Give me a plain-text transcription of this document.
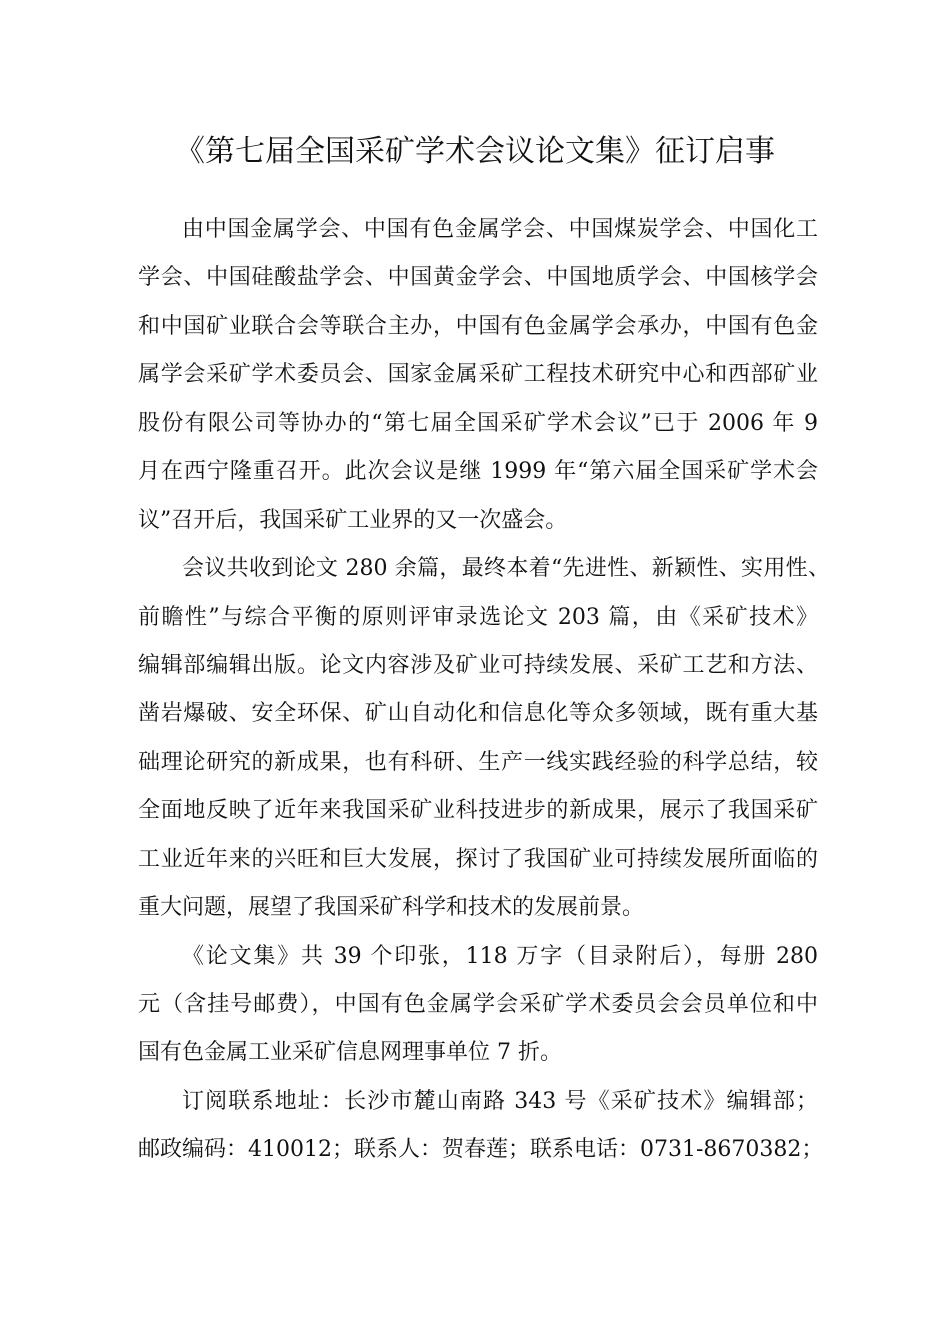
《第七届全国采矿学术会议论文集》征订启事
由中国金属学会、中国有色金属学会、中国煤炭学会、中国化工
学会、中国硅酸盐学会、中国黄金学会、中国地质学会、中国核学会
和中国矿业联合会等联合主办，中国有色金属学会承办，中国有色金
属学会采矿学术委员会、国家金属采矿工程技术研究中心和西部矿业
股份有限公司等协办的“第七届全国采矿学术会议”已于 2006 年 9
月在西宁隆重召开。此次会议是继 1999 年“第六届全国采矿学术会
议”召开后，我国采矿工业界的又一次盛会。
会议共收到论文 280 余篇，最终本着“先进性、新颖性、实用性、
前瞻性”与综合平衡的原则评审录选论文 203 篇，由《采矿技术》
编辑部编辑出版。论文内容涉及矿业可持续发展、采矿工艺和方法、
凿岩爆破、安全环保、矿山自动化和信息化等众多领域，既有重大基
础理论研究的新成果，也有科研、生产一线实践经验的科学总结，较
全面地反映了近年来我国采矿业科技进步的新成果，展示了我国采矿
工业近年来的兴旺和巨大发展，探讨了我国矿业可持续发展所面临的
重大问题，展望了我国采矿科学和技术的发展前景。
《论文集》共 39 个印张，118 万字（目录附后），每册 280
元（含挂号邮费），中国有色金属学会采矿学术委员会会员单位和中
国有色金属工业采矿信息网理事单位 7 折。
订阅联系地址：长沙市麓山南路 343 号《采矿技术》编辑部；
邮政编码：410012；联系人：贺春莲；联系电话：0731-8670382；
